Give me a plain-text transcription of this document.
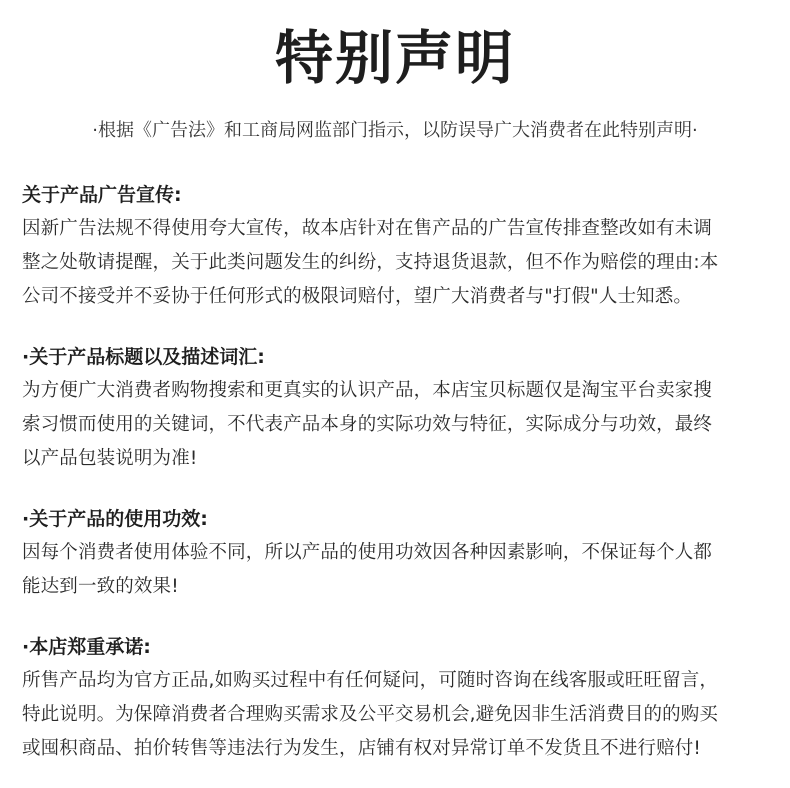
特别声明
·根据《广告法》和工商局网监部门指示，以防误导广大消费者在此特别声明·
关于产品广告宣传:

因新广告法规不得使用夸大宣传，故本店针对在售产品的广告宣传排查整改如有未调

整之处敬请提醒，关于此类问题发生的纠纷，支持退货退款，但不作为赔偿的理由:本

公司不接受并不妥协于任何形式的极限词赔付，望广大消费者与"打假"人士知悉。

·关于产品标题以及描述词汇:

为方便广大消费者购物搜索和更真实的认识产品，本店宝贝标题仅是淘宝平台卖家搜

索习惯而使用的关键词，不代表产品本身的实际功效与特征，实际成分与功效，最终

以产品包装说明为准!

·关于产品的使用功效:

因每个消费者使用体验不同，所以产品的使用功效因各种因素影响，不保证每个人都

能达到一致的效果!

·本店郑重承诺:

所售产品均为官方正品,如购买过程中有任何疑问，可随时咨询在线客服或旺旺留言，

特此说明。为保障消费者合理购买需求及公平交易机会,避免因非生活消费目的的购买

或囤积商品、拍价转售等违法行为发生，店铺有权对异常订单不发货且不进行赔付!
